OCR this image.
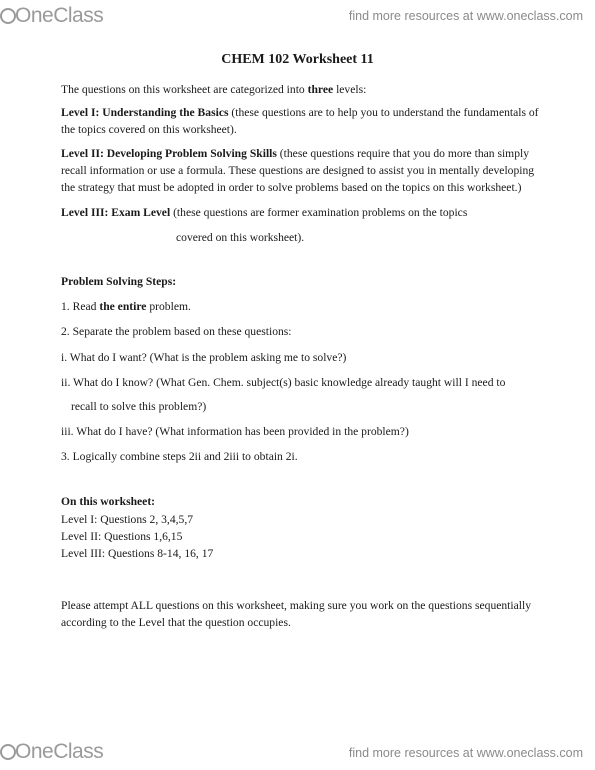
OneClass	find more resources at www.oneclass.com
CHEM 102 Worksheet 11
The questions on this worksheet are categorized into three levels:
Level I: Understanding the Basics (these questions are to help you to understand the fundamentals of the topics covered on this worksheet).
Level II: Developing Problem Solving Skills (these questions require that you do more than simply recall information or use a formula. These questions are designed to assist you in mentally developing the strategy that must be adopted in order to solve problems based on the topics on this worksheet.)
Level III: Exam Level (these questions are former examination problems on the topics
covered on this worksheet).
Problem Solving Steps:
1. Read the entire problem.
2. Separate the problem based on these questions:
i. What do I want? (What is the problem asking me to solve?)
ii. What do I know? (What Gen. Chem. subject(s) basic knowledge already taught will I need to
recall to solve this problem?)
iii. What do I have? (What information has been provided in the problem?)
3. Logically combine steps 2ii and 2iii to obtain 2i.
On this worksheet:
Level I: Questions 2, 3,4,5,7
Level II: Questions 1,6,15
Level III: Questions 8-14, 16, 17
Please attempt ALL questions on this worksheet, making sure you work on the questions sequentially according to the Level that the question occupies.
OneClass	find more resources at www.oneclass.com
